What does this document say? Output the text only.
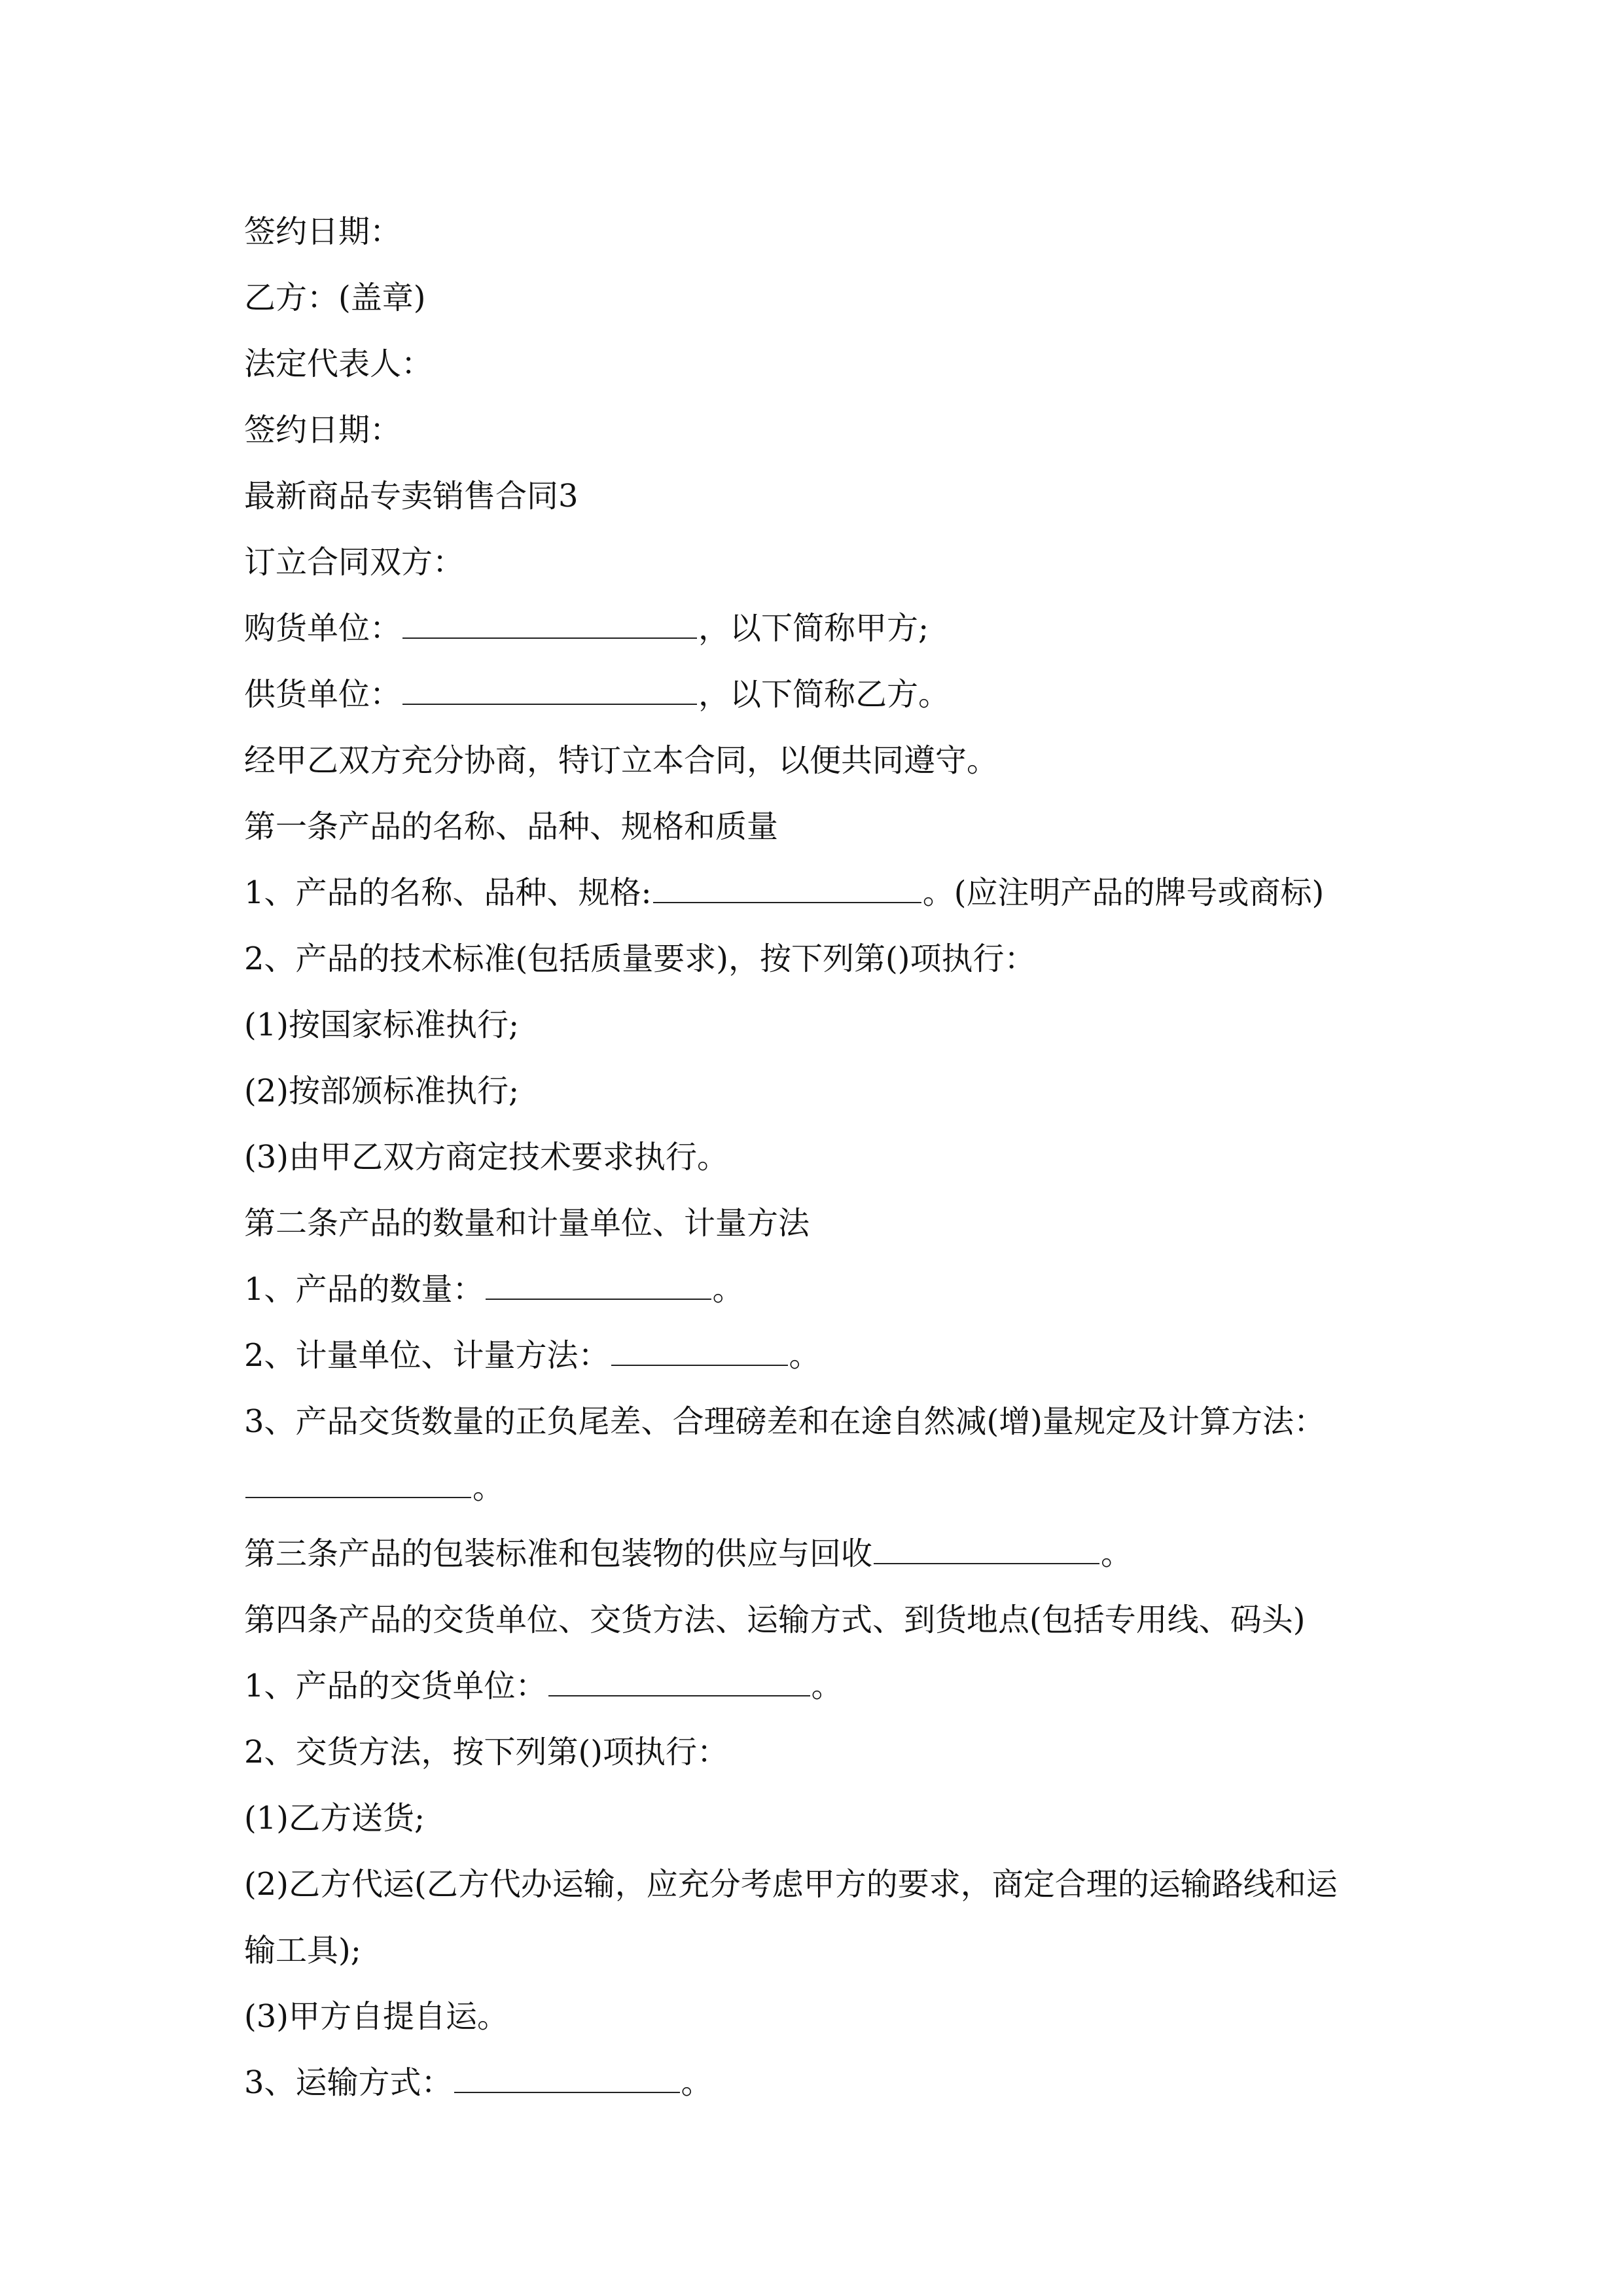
签约日期：
乙方：(盖章)
法定代表人：
签约日期：
最新商品专卖销售合同3
订立合同双方：
购货单位：	，以下简称甲方;
供货单位：	，以下简称乙方。
经甲乙双方充分协商，特订立本合同，以便共同遵守。
第一条产品的名称、品种、规格和质量
1、产品的名称、品种、规格:	。(应注明产品的牌号或商标)
2、产品的技术标准(包括质量要求)，按下列第()项执行：
(1)按国家标准执行;
(2)按部颁标准执行;
(3)由甲乙双方商定技术要求执行。
第二条产品的数量和计量单位、计量方法
1、产品的数量：	。
2、计量单位、计量方法：	。
3、产品交货数量的正负尾差、合理磅差和在途自然减(增)量规定及计算方法：
。
第三条产品的包装标准和包装物的供应与回收	。
第四条产品的交货单位、交货方法、运输方式、到货地点(包括专用线、码头)
1、产品的交货单位：	。
2、交货方法，按下列第()项执行：
(1)乙方送货;
(2)乙方代运(乙方代办运输，应充分考虑甲方的要求，商定合理的运输路线和运
输工具);
(3)甲方自提自运。
3、运输方式：	。
